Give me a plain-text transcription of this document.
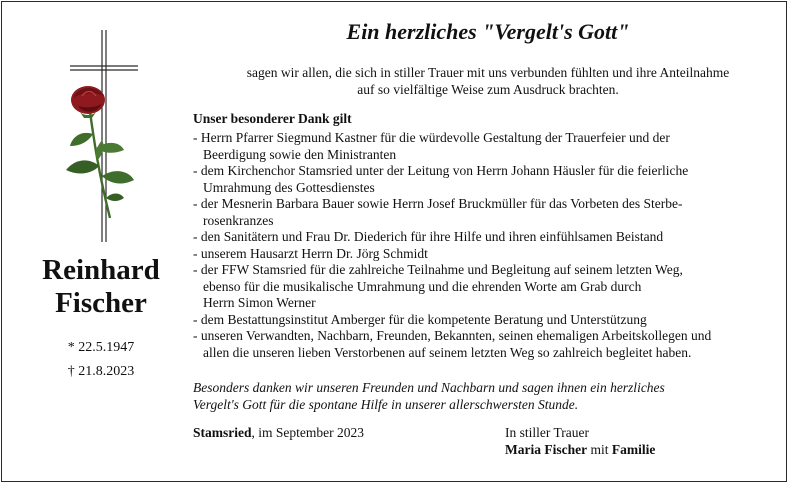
Reinhard
Fischer
* 22.5.1947
† 21.8.2023
Ein herzliches "Vergelt's Gott"
sagen wir allen, die sich in stiller Trauer mit uns verbunden fühlten und ihre Anteilnahme
auf so vielfältige Weise zum Ausdruck brachten.
Unser besonderer Dank gilt
- Herrn Pfarrer Siegmund Kastner für die würdevolle Gestaltung der Trauerfeier und der
Beerdigung sowie den Ministranten
- dem Kirchenchor Stamsried unter der Leitung von Herrn Johann Häusler für die feierliche
Umrahmung des Gottesdienstes
- der Mesnerin Barbara Bauer sowie Herrn Josef Bruckmüller für das Vorbeten des Sterbe-
rosenkranzes
- den Sanitätern und Frau Dr. Diederich für ihre Hilfe und ihren einfühlsamen Beistand
- unserem Hausarzt Herrn Dr. Jörg Schmidt
- der FFW Stamsried für die zahlreiche Teilnahme und Begleitung auf seinem letzten Weg,
ebenso für die musikalische Umrahmung und die ehrenden Worte am Grab durch
Herrn Simon Werner
- dem Bestattungsinstitut Amberger für die kompetente Beratung und Unterstützung
- unseren Verwandten, Nachbarn, Freunden, Bekannten, seinen ehemaligen Arbeitskollegen und
allen die unseren lieben Verstorbenen auf seinem letzten Weg so zahlreich begleitet haben.
Besonders danken wir unseren Freunden und Nachbarn und sagen ihnen ein herzliches
Vergelt's Gott für die spontane Hilfe in unserer allerschwersten Stunde.
Stamsried, im September 2023	In stiller Trauer
Maria Fischer mit Familie
